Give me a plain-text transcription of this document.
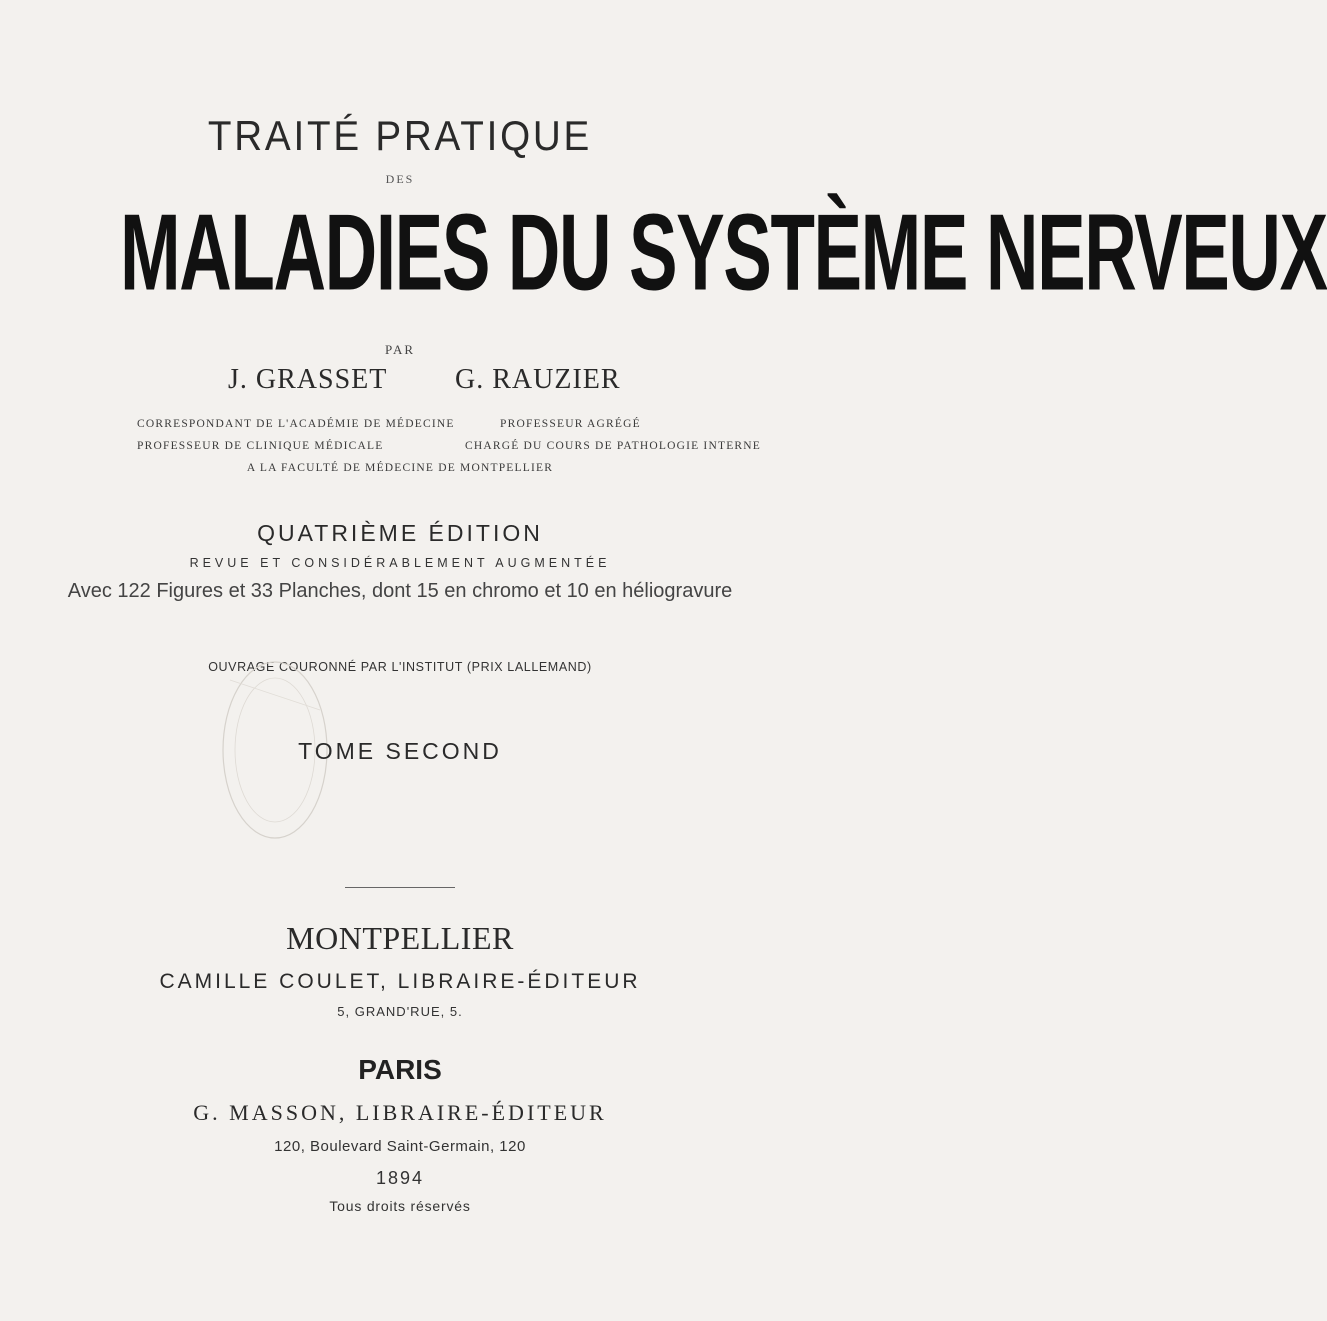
TRAITÉ PRATIQUE
DES
MALADIES DU SYSTÈME NERVEUX
PAR
J. GRASSET G. RAUZIER
CORRESPONDANT DE L'ACADÉMIE DE MÉDECINE	PROFESSEUR AGRÉGÉ
PROFESSEUR DE CLINIQUE MÉDICALE	CHARGÉ DU COURS DE PATHOLOGIE INTERNE
A LA FACULTÉ DE MÉDECINE DE MONTPELLIER
QUATRIÈME ÉDITION
REVUE ET CONSIDÉRABLEMENT AUGMENTÉE
Avec 122 Figures et 33 Planches, dont 15 en chromo et 10 en héliogravure
OUVRAGE COURONNÉ PAR L'INSTITUT (PRIX LALLEMAND)
TOME SECOND
MONTPELLIER
CAMILLE COULET, LIBRAIRE-ÉDITEUR
5, GRAND'RUE, 5.
PARIS
G. MASSON, LIBRAIRE-ÉDITEUR
120, Boulevard Saint-Germain, 120
1894
Tous droits réservés
